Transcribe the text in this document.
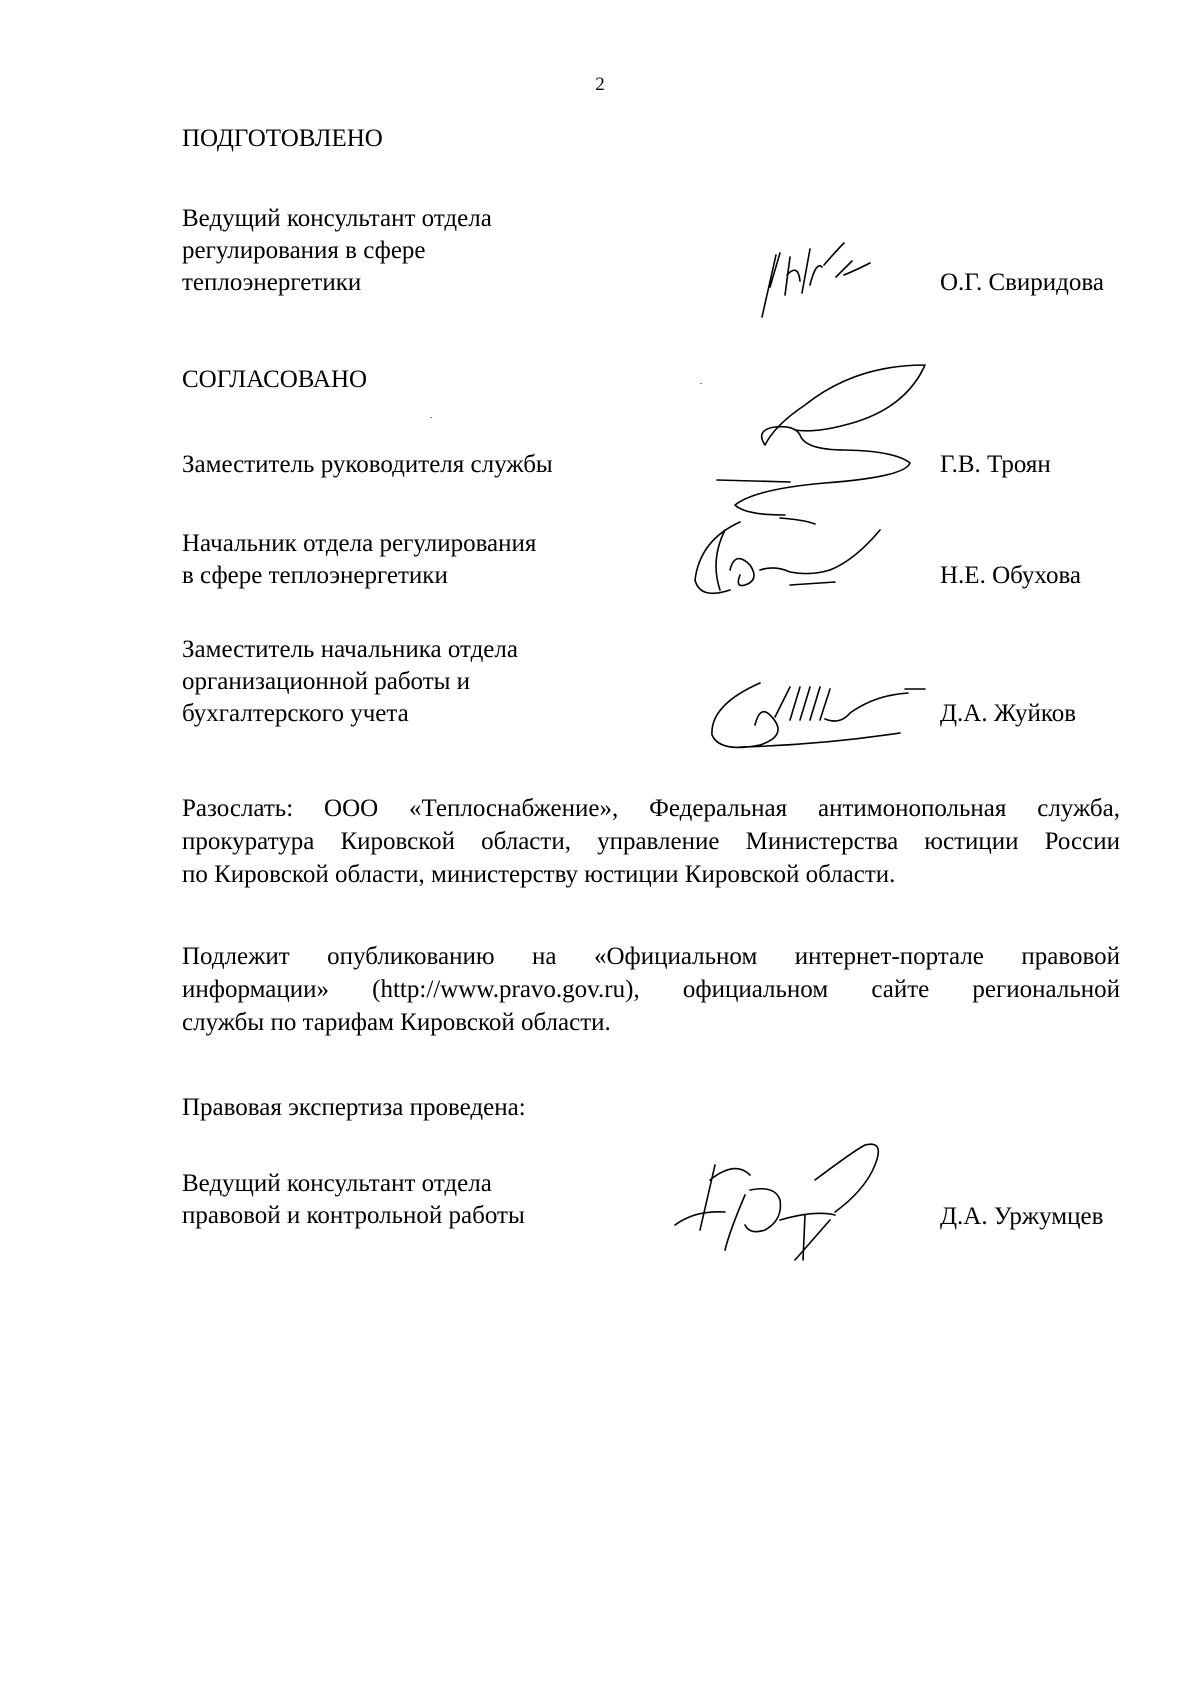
2
ПОДГОТОВЛЕНО
Ведущий консультант отдела
регулирования в сфере
теплоэнергетики	О.Г. Свиридова
СОГЛАСОВАНО
Заместитель руководителя службы	Г.В. Троян
Начальник отдела регулирования
в сфере теплоэнергетики	Н.Е. Обухова
Заместитель начальника отдела
организационной работы и
бухгалтерского учета	Д.А. Жуйков
Разослать: ООО «Теплоснабжение», Федеральная антимонопольная служба,
прокуратура Кировской области, управление Министерства юстиции России
по Кировской области, министерству юстиции Кировской области.
Подлежит опубликованию на «Официальном интернет-портале правовой
информации» (http://www.pravo.gov.ru), официальном сайте региональной
службы по тарифам Кировской области.
Правовая экспертиза проведена:
Ведущий консультант отдела
правовой и контрольной работы	Д.А. Уржумцев
